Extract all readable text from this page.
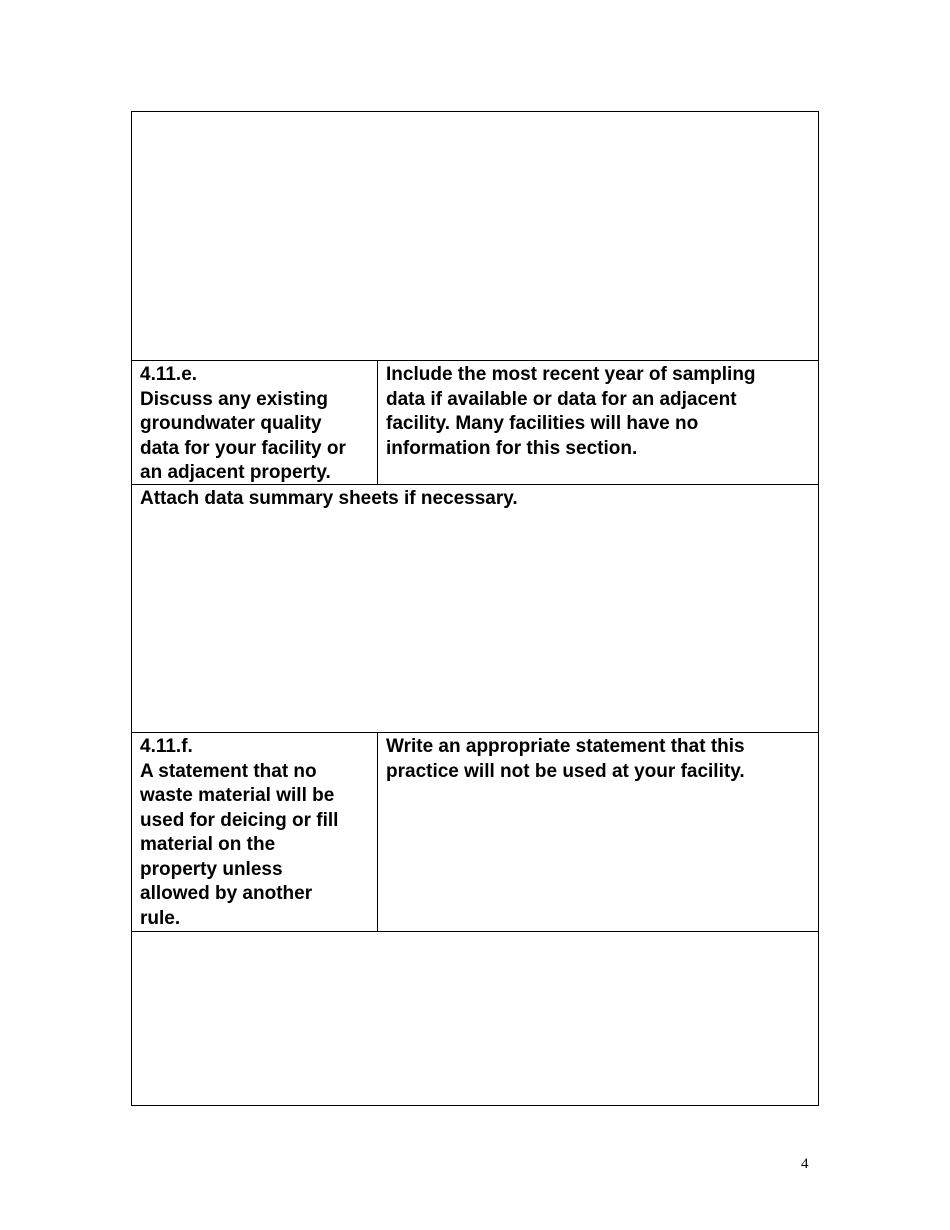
4.11.e.
Discuss any existing
groundwater quality
data for your facility or
an adjacent property.
Include the most recent year of sampling
data if available or data for an adjacent
facility. Many facilities will have no
information for this section.
Attach data summary sheets if necessary.
4.11.f.
A statement that no
waste material will be
used for deicing or fill
material on the
property unless
allowed by another
rule.
Write an appropriate statement that this
practice will not be used at your facility.
4
